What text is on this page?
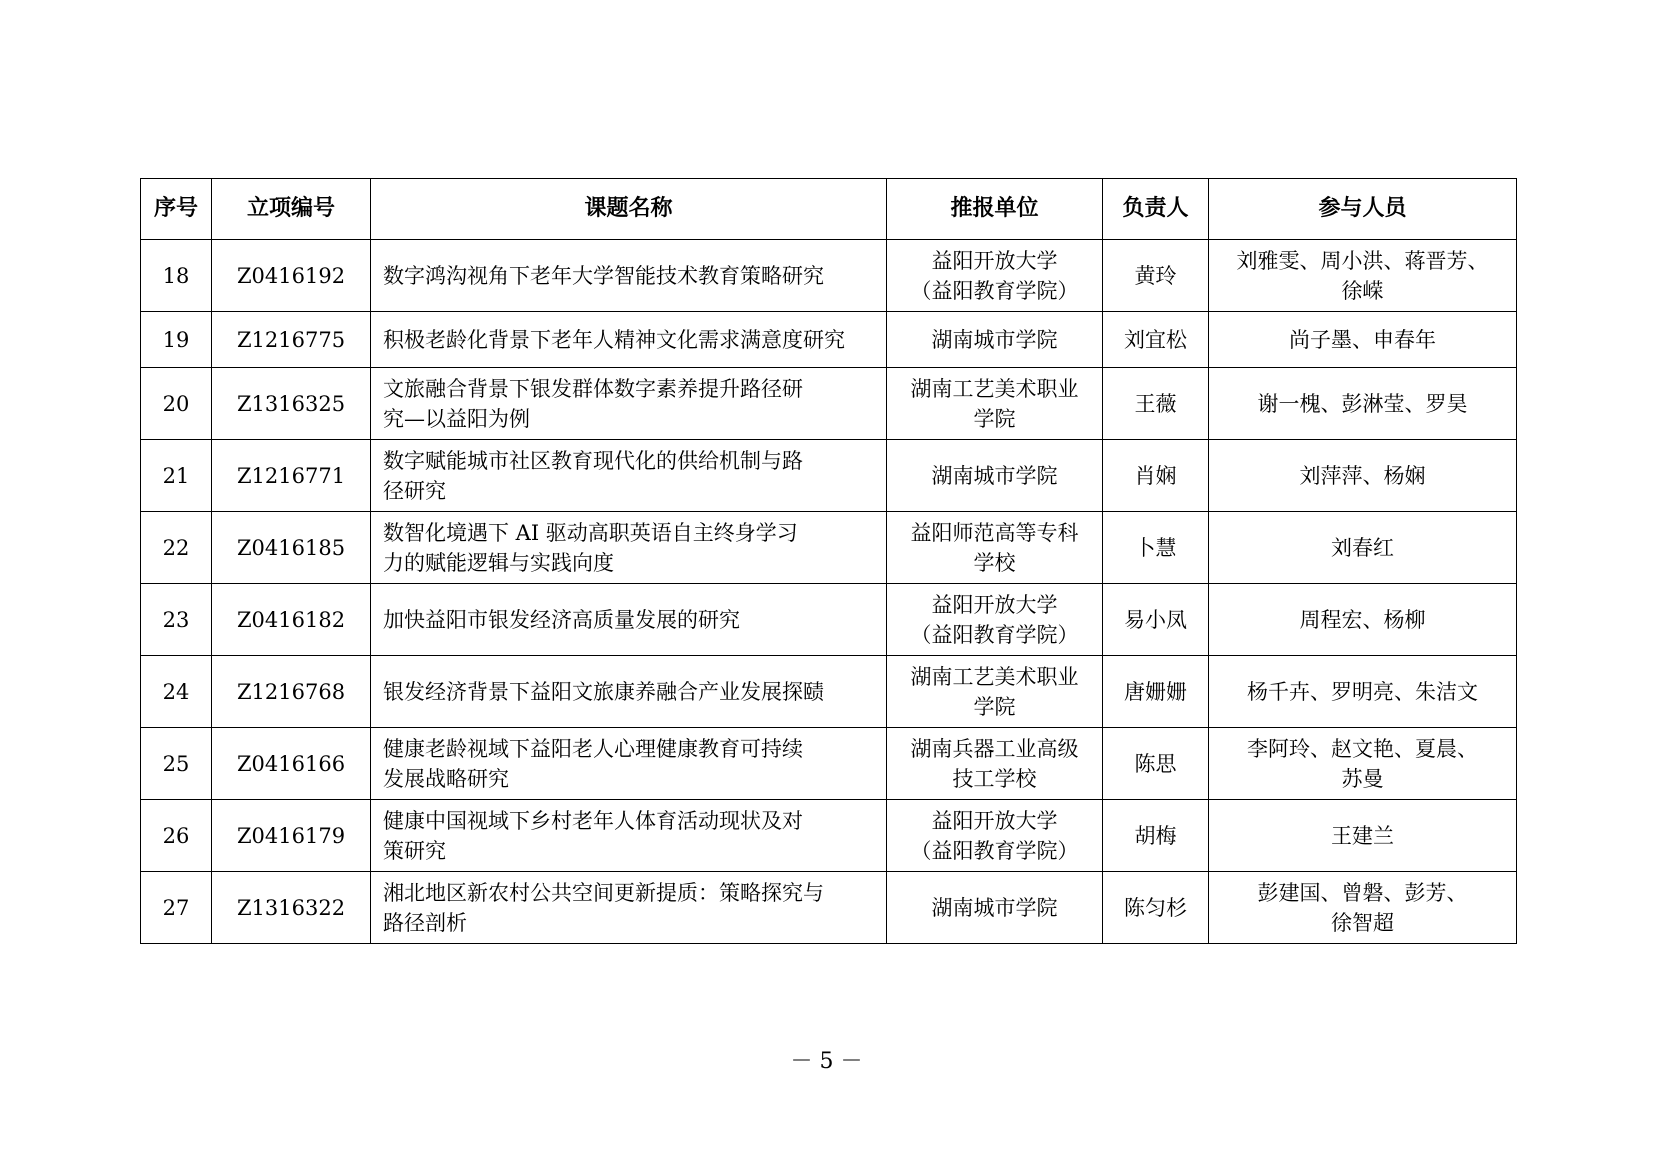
序号	立项编号	课题名称	推报单位	负责人	参与人员
18	Z0416192	数字鸿沟视角下老年大学智能技术教育策略研究	益阳开放大学
（益阳教育学院）	黄玲	刘雅雯、周小洪、蒋晋芳、
徐嵘

19	Z1216775	积极老龄化背景下老年人精神文化需求满意度研究	湖南城市学院	刘宜松	尚子墨、申春年

20	Z1316325	文旅融合背景下银发群体数字素养提升路径研
究—以益阳为例	湖南工艺美术职业
学院	王薇	谢一槐、彭淋莹、罗昊

21	Z1216771	数字赋能城市社区教育现代化的供给机制与路
径研究	湖南城市学院	肖娴	刘萍萍、杨娴

22	Z0416185	数智化境遇下 AI 驱动高职英语自主终身学习
力的赋能逻辑与实践向度	益阳师范高等专科
学校	卜慧	刘春红

23	Z0416182	加快益阳市银发经济高质量发展的研究	益阳开放大学
（益阳教育学院）	易小凤	周程宏、杨柳

24	Z1216768	银发经济背景下益阳文旅康养融合产业发展探赜	湖南工艺美术职业
学院	唐姗姗	杨千卉、罗明亮、朱洁文

25	Z0416166	健康老龄视域下益阳老人心理健康教育可持续
发展战略研究	湖南兵器工业高级
技工学校	陈思	李阿玲、赵文艳、夏晨、
苏曼

26	Z0416179	健康中国视域下乡村老年人体育活动现状及对
策研究	益阳开放大学
（益阳教育学院）	胡梅	王建兰

27	Z1316322	湘北地区新农村公共空间更新提质：策略探究与
路径剖析	湖南城市学院	陈匀杉	彭建国、曾磐、彭芳、
徐智超
－ 5 －
